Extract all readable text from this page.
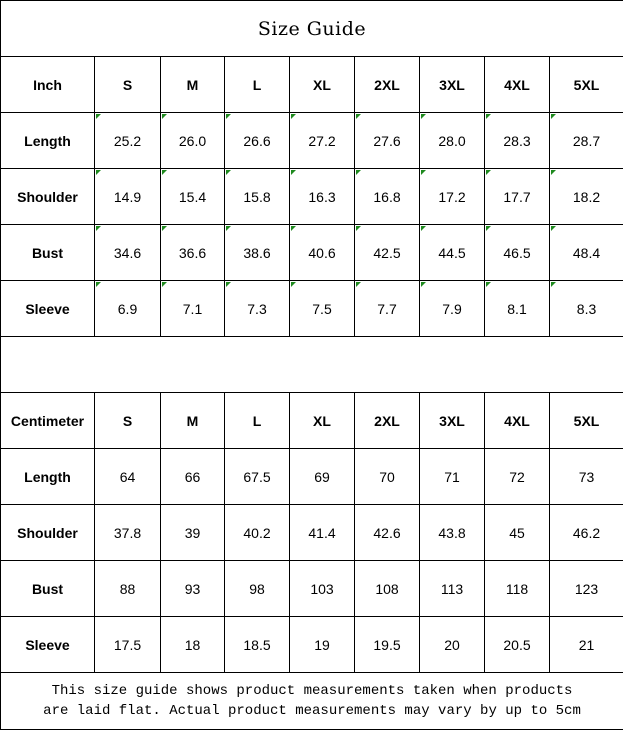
Size Guide								
Inch	S	M	L	XL	2XL	3XL	4XL	5XL
Length	25.2	26.0	26.6	27.2	27.6	28.0	28.3	28.7
Shoulder	14.9	15.4	15.8	16.3	16.8	17.2	17.7	18.2
Bust	34.6	36.6	38.6	40.6	42.5	44.5	46.5	48.4
Sleeve	6.9	7.1	7.3	7.5	7.7	7.9	8.1	8.3

Centimeter	S	M	L	XL	2XL	3XL	4XL	5XL
Length	64	66	67.5	69	70	71	72	73
Shoulder	37.8	39	40.2	41.4	42.6	43.8	45	46.2
Bust	88	93	98	103	108	113	118	123
Sleeve	17.5	18	18.5	19	19.5	20	20.5	21

This size guide shows product measurements taken when products
are laid flat. Actual product measurements may vary by up to 5cm								
